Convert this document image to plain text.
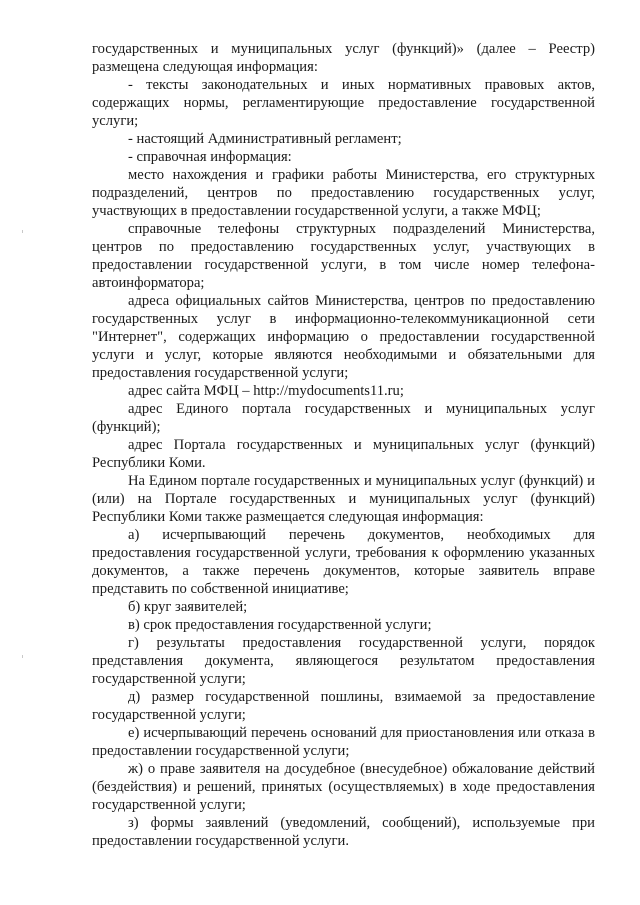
государственных и муниципальных услуг (функций)» (далее – Реестр) размещена следующая информация:

- тексты законодательных и иных нормативных правовых актов, содержащих нормы, регламентирующие предоставление государственной услуги;

- настоящий Административный регламент;

- справочная информация:

место нахождения и графики работы Министерства, его структурных подразделений, центров по предоставлению государственных услуг, участвующих в предоставлении государственной услуги, а также МФЦ;

справочные телефоны структурных подразделений Министерства, центров по предоставлению государственных услуг, участвующих в предоставлении государственной услуги, в том числе номер телефона-автоинформатора;

адреса официальных сайтов Министерства, центров по предоставлению государственных услуг в информационно-телекоммуникационной сети "Интернет", содержащих информацию о предоставлении государственной услуги и услуг, которые являются необходимыми и обязательными для предоставления государственной услуги;

адрес сайта МФЦ – http://mydocuments11.ru;

адрес Единого портала государственных и муниципальных услуг (функций);

адрес Портала государственных и муниципальных услуг (функций) Республики Коми.

На Едином портале государственных и муниципальных услуг (функций) и (или) на Портале государственных и муниципальных услуг (функций) Республики Коми также размещается следующая информация:

а) исчерпывающий перечень документов, необходимых для предоставления государственной услуги, требования к оформлению указанных документов, а также перечень документов, которые заявитель вправе представить по собственной инициативе;

б) круг заявителей;

в) срок предоставления государственной услуги;

г) результаты предоставления государственной услуги, порядок представления документа, являющегося результатом предоставления государственной услуги;

д) размер государственной пошлины, взимаемой за предоставление государственной услуги;

е) исчерпывающий перечень оснований для приостановления или отказа в предоставлении государственной услуги;

ж) о праве заявителя на досудебное (внесудебное) обжалование действий (бездействия) и решений, принятых (осуществляемых) в ходе предоставления государственной услуги;

з) формы заявлений (уведомлений, сообщений), используемые при предоставлении государственной услуги.
